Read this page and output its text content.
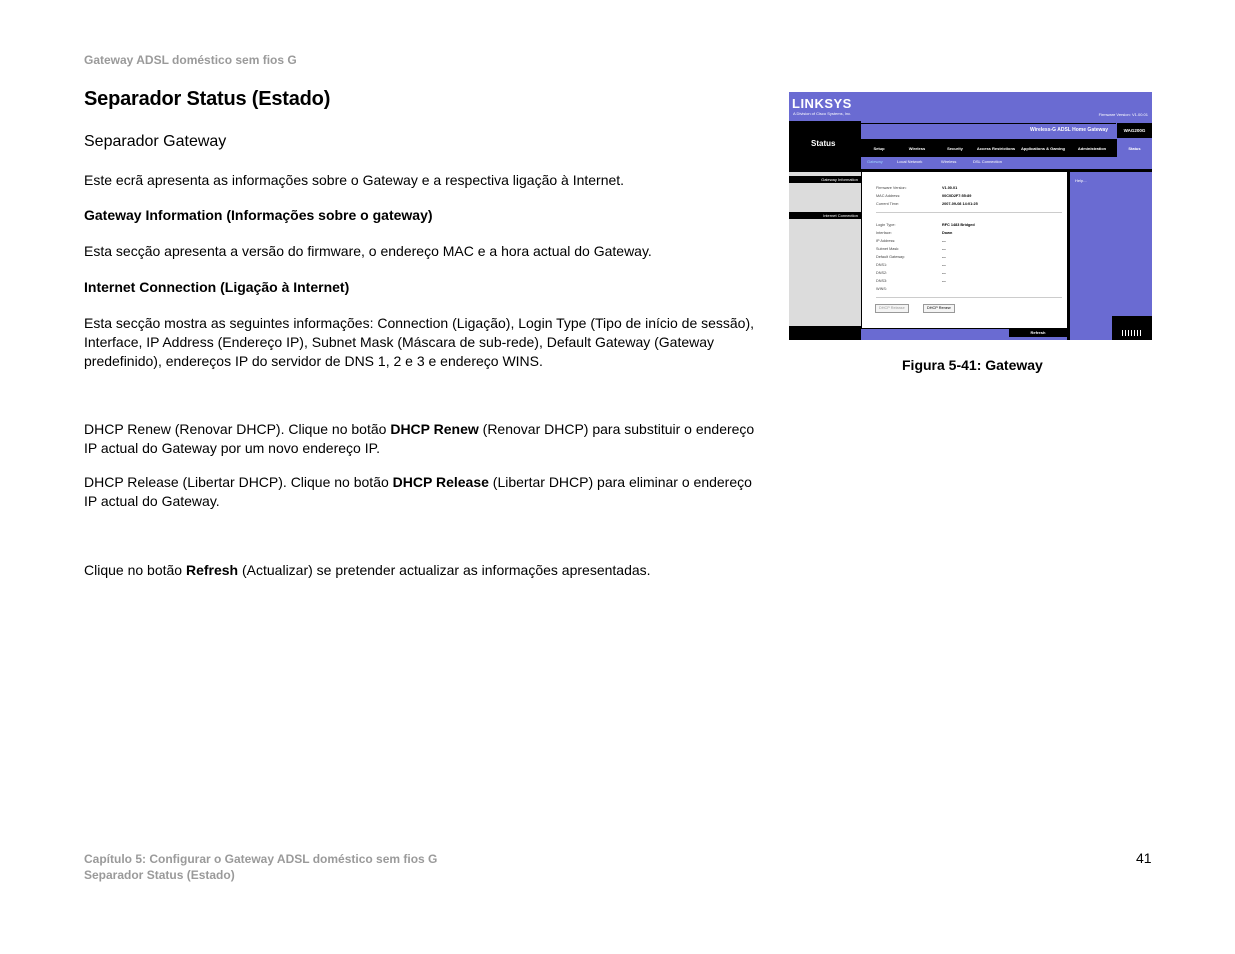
Gateway ADSL doméstico sem fios G
Separador Status (Estado)
Separador Gateway
Este ecrã apresenta as informações sobre o Gateway e a respectiva ligação à Internet.
Gateway Information (Informações sobre o gateway)
Esta secção apresenta a versão do firmware, o endereço MAC e a hora actual do Gateway.
Internet Connection (Ligação à Internet)
Esta secção mostra as seguintes informações: Connection (Ligação), Login Type (Tipo de início de sessão), Interface, IP Address (Endereço IP), Subnet Mask (Máscara de sub-rede), Default Gateway (Gateway predefinido), endereços IP do servidor de DNS 1, 2 e 3 e endereço WINS.
DHCP Renew (Renovar DHCP). Clique no botão DHCP Renew (Renovar DHCP) para substituir o endereço IP actual do Gateway por um novo endereço IP.
DHCP Release (Libertar DHCP). Clique no botão DHCP Release (Libertar DHCP) para eliminar o endereço IP actual do Gateway.
Clique no botão Refresh (Actualizar) se pretender actualizar as informações apresentadas.
LINKSYS
A Division of Cisco Systems, Inc.	Firmware Version: V1.00.01
Status
Wireless-G ADSL Home Gateway	WAG200G
Setup	Wireless	Security	Access Restrictions	Applications & Gaming	Administration	Status
Gateway	Local Network	Wireless	DSL Connection
Gateway Information
Internet Connection
Firmware Version:	V1.00.01
MAC Address:	00C0D2F7:55:89
Current Time:	2007-09-08 14:01:25
Login Type:	RFC 1483 Bridged
Interface:	Down
IP Address:	---
Subnet Mask:	---
Default Gateway:	---
DNS1:	---
DNS2:	---
DNS3:	---
WINS:
DHCP Release	DHCP Renew
Refresh
Help...
Figura 5-41: Gateway
Capítulo 5: Configurar o Gateway ADSL doméstico sem fios G
Separador Status (Estado)
41
